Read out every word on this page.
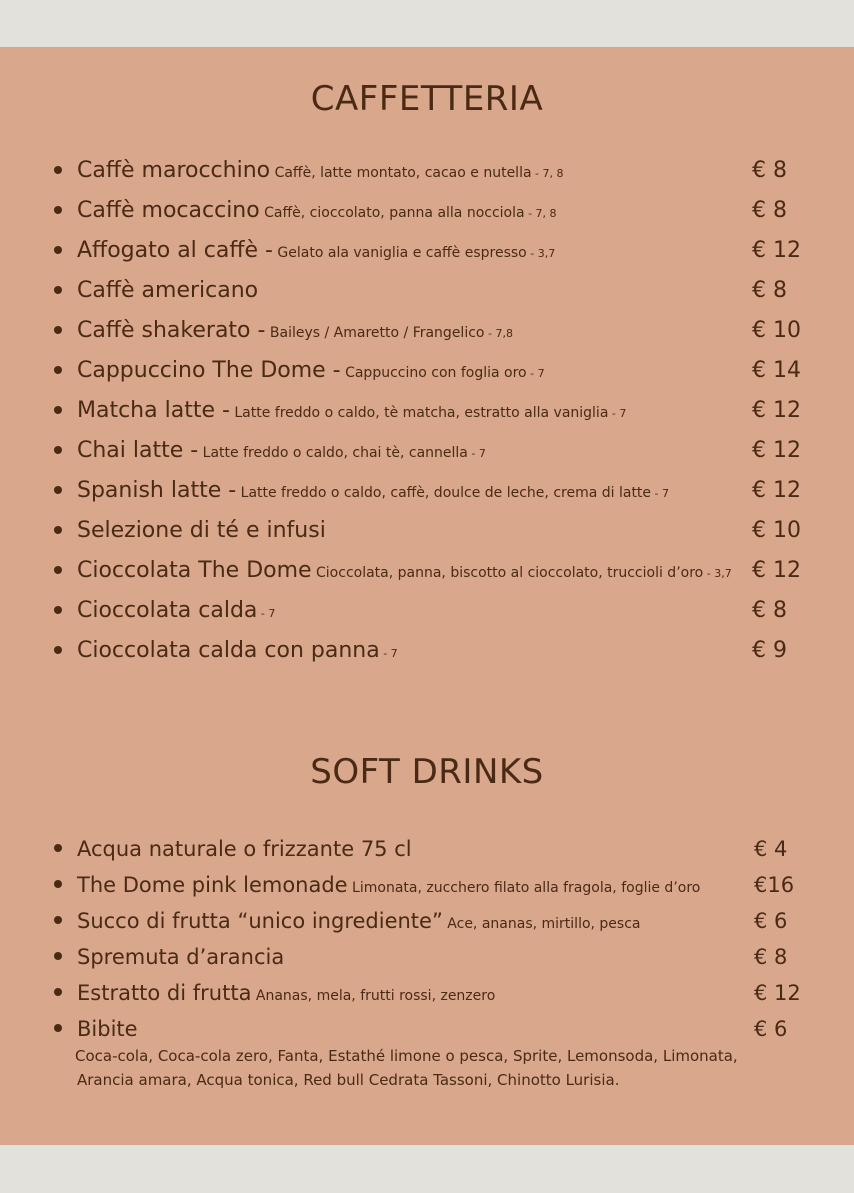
CAFFETTERIA
Caffè marocchino Caffè, latte montato, cacao e nutella - 7, 8	€ 8
Caffè mocaccino Caffè, cioccolato, panna alla nocciola - 7, 8	€ 8
Affogato al caffè - Gelato ala vaniglia e caffè espresso - 3,7	€ 12
Caffè americano	€ 8
Caffè shakerato - Baileys / Amaretto / Frangelico - 7,8	€ 10
Cappuccino The Dome - Cappuccino con foglia oro - 7	€ 14
Matcha latte - Latte freddo o caldo, tè matcha, estratto alla vaniglia - 7	€ 12
Chai latte - Latte freddo o caldo, chai tè, cannella - 7	€ 12
Spanish latte - Latte freddo o caldo, caffè, doulce de leche, crema di latte - 7	€ 12
Selezione di té e infusi	€ 10
Cioccolata The Dome Cioccolata, panna, biscotto al cioccolato, truccioli d’oro - 3,7 € 12
Cioccolata calda - 7	€ 8
Cioccolata calda con panna - 7	€ 9
SOFT DRINKS
Acqua naturale o frizzante 75 cl	€ 4
The Dome pink lemonade Limonata, zucchero filato alla fragola, foglie d’oro	€16
Succo di frutta “unico ingrediente” Ace, ananas, mirtillo, pesca	€ 6
Spremuta d’arancia	€ 8
Estratto di frutta Ananas, mela, frutti rossi, zenzero	€ 12
Bibite	€ 6
Coca-cola, Coca-cola zero, Fanta, Estathé limone o pesca, Sprite, Lemonsoda, Limonata,
Arancia amara, Acqua tonica, Red bull Cedrata Tassoni, Chinotto Lurisia.
